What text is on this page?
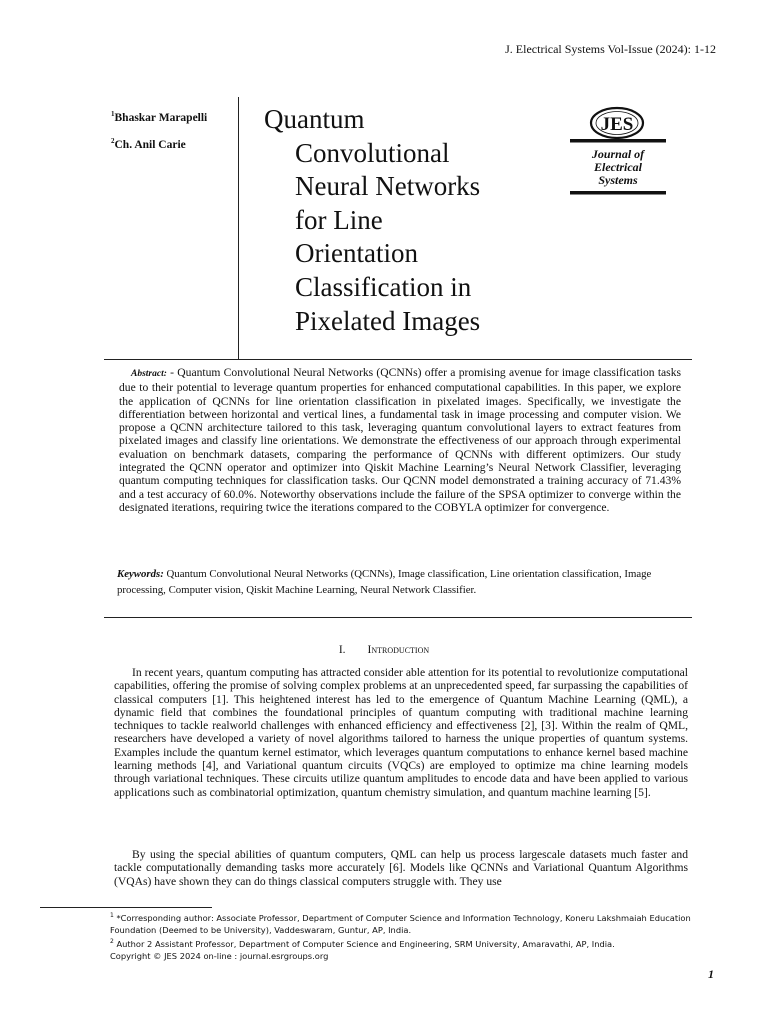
J. Electrical Systems Vol-Issue (2024): 1-12
$^1$Bhaskar Marapelli
$^2$Ch. Anil Carie
Quantum
Convolutional
Neural Networks
for Line
Orientation
Classification in
Pixelated Images
JES
Journal of
Electrical
Systems
Abstract: - Quantum Convolutional Neural Networks (QCNNs) offer a promising avenue for image classification tasks due to their potential to leverage quantum properties for enhanced computational capabilities. In this paper, we explore the application of QCNNs for line orientation classification in pixelated images. Specifically, we investigate the differentiation between horizontal and vertical lines, a fundamental task in image processing and computer vision. We propose a QCNN architecture tailored to this task, leveraging quantum convolutional layers to extract features from pixelated images and classify line orientations. We demonstrate the effectiveness of our approach through experimental evaluation on benchmark datasets, comparing the performance of QCNNs with different optimizers. Our study integrated the QCNN operator and optimizer into Qiskit Machine Learning’s Neural Network Classifier, leveraging quantum computing techniques for classification tasks. Our QCNN model demonstrated a training accuracy of 71.43% and a test accuracy of 60.0%. Noteworthy observations include the failure of the SPSA optimizer to converge within the designated iterations, requiring twice the iterations compared to the COBYLA optimizer for convergence.
Keywords: Quantum Convolutional Neural Networks (QCNNs), Image classification, Line orientation classification, Image processing, Computer vision, Qiskit Machine Learning, Neural Network Classifier.
I. Introduction
In recent years, quantum computing has attracted consider able attention for its potential to revolutionize computational capabilities, offering the promise of solving complex problems at an unprecedented speed, far surpassing the capabilities of classical computers [1]. This heightened interest has led to the emergence of Quantum Machine Learning (QML), a dynamic field that combines the foundational principles of quantum computing with traditional machine learning techniques to tackle realworld challenges with enhanced efficiency and effectiveness [2], [3]. Within the realm of QML, researchers have developed a variety of novel algorithms tailored to harness the unique properties of quantum systems. Examples include the quantum kernel estimator, which leverages quantum computations to enhance kernel based machine learning methods [4], and Variational quantum circuits (VQCs) are employed to optimize ma chine learning models through variational techniques. These circuits utilize quantum amplitudes to encode data and have been applied to various applications such as combinatorial optimization, quantum chemistry simulation, and quantum machine learning [5].
By using the special abilities of quantum computers, QML can help us process largescale datasets much faster and tackle computationally demanding tasks more accurately [6]. Models like QCNNs and Variational Quantum Algorithms (VQAs) have shown they can do things classical computers struggle with. They use
$^1$ *Corresponding author: Associate Professor, Department of Computer Science and Information Technology, Koneru Lakshmaiah Education Foundation (Deemed to be University), Vaddeswaram, Guntur, AP, India.
$^2$ Author 2 Assistant Professor, Department of Computer Science and Engineering, SRM University, Amaravathi, AP, India.
Copyright © JES 2024 on-line : journal.esrgroups.org
1
